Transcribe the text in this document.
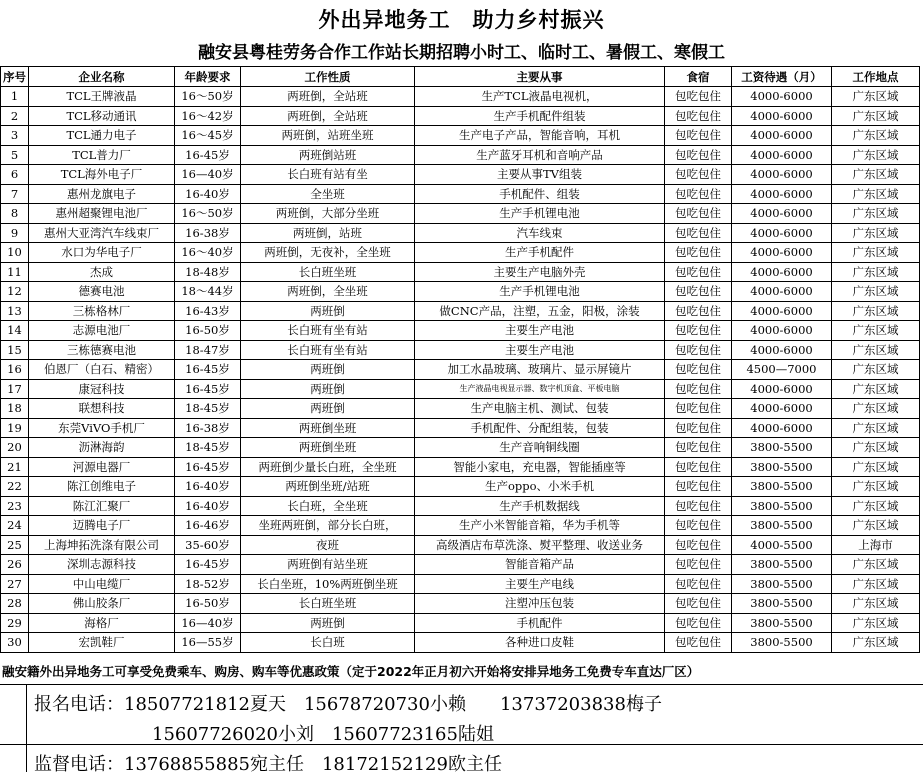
外出异地务工　助力乡村振兴
融安县粤桂劳务合作工作站长期招聘小时工、临时工、暑假工、寒假工
序号	企业名称	年龄要求	工作性质	主要从事	食宿	工资待遇（月）	工作地点
1	TCL王牌液晶	16～50岁	两班倒，全站班	生产TCL液晶电视机，	包吃包住	4000-6000	广东区域
2	TCL移动通讯	16～42岁	两班倒，全站班	生产手机配件组装	包吃包住	4000-6000	广东区域
3	TCL通力电子	16～45岁	两班倒，站班坐班	生产电子产品，智能音响，耳机	包吃包住	4000-6000	广东区域
5	TCL普力厂	16-45岁	两班倒站班	生产蓝牙耳机和音响产品	包吃包住	4000-6000	广东区域
6	TCL海外电子厂	16—40岁	长白班有站有坐	主要从事TV组装	包吃包住	4000-6000	广东区域
7	惠州龙旗电子	16-40岁	全坐班	手机配件、组装	包吃包住	4000-6000	广东区域
8	惠州超聚锂电池厂	16～50岁	两班倒，大部分坐班	生产手机锂电池	包吃包住	4000-6000	广东区域
9	惠州大亚湾汽车线束厂	16-38岁	两班倒，站班	汽车线束	包吃包住	4000-6000	广东区域
10	水口为华电子厂	16～40岁	两班倒，无夜补，全坐班	生产手机配件	包吃包住	4000-6000	广东区域
11	杰成	18-48岁	长白班坐班	主要生产电脑外壳	包吃包住	4000-6000	广东区域
12	德赛电池	18～44岁	两班倒，全坐班	生产手机锂电池	包吃包住	4000-6000	广东区域
13	三栋格林厂	16-43岁	两班倒	做CNC产品，注塑，五金，阳极，涂装	包吃包住	4000-6000	广东区域
14	志源电池厂	16-50岁	长白班有坐有站	主要生产电池	包吃包住	4000-6000	广东区域
15	三栋德赛电池	18-47岁	长白班有坐有站	主要生产电池	包吃包住	4000-6000	广东区域
16	伯恩厂（白石、精密）	16-45岁	两班倒	加工水晶玻璃、玻璃片、显示屏镜片	包吃包住	4500—7000	广东区域
17	康冠科技	16-45岁	两班倒	生产液晶电视显示器、数字机顶盒、平板电脑	包吃包住	4000-6000	广东区域
18	联想科技	18-45岁	两班倒	生产电脑主机、测试、包装	包吃包住	4000-6000	广东区域
19	东莞ViVO手机厂	16-38岁	两班倒坐班	手机配件、分配组装，包装	包吃包住	4000-6000	广东区域
20	沥淋海韵	18-45岁	两班倒坐班	生产音响铜线圈	包吃包住	3800-5500	广东区域
21	河源电器厂	16-45岁	两班倒少量长白班，全坐班	智能小家电，充电器，智能插座等	包吃包住	3800-5500	广东区域
22	陈江创维电子	16-40岁	两班倒坐班/站班	生产oppo、小米手机	包吃包住	3800-5500	广东区域
23	陈江汇聚厂	16-40岁	长白班，全坐班	生产手机数据线	包吃包住	3800-5500	广东区域
24	迈腾电子厂	16-46岁	坐班两班倒，部分长白班，	生产小米智能音箱，华为手机等	包吃包住	3800-5500	广东区域
25	上海坤拓洗涤有限公司	35-60岁	夜班	高级酒店布草洗涤、熨平整理、收送业务	包吃包住	4000-5500	上海市
26	深圳志源科技	16-45岁	两班倒有站坐班	智能音箱产品	包吃包住	3800-5500	广东区域
27	中山电缆厂	18-52岁	长白坐班，10%两班倒坐班	主要生产电线	包吃包住	3800-5500	广东区域
28	佛山胶条厂	16-50岁	长白班坐班	注塑冲压包装	包吃包住	3800-5500	广东区域
29	海格厂	16—40岁	两班倒	手机配件	包吃包住	3800-5500	广东区域
30	宏凯鞋厂	16—55岁	长白班	各种进口皮鞋	包吃包住	3800-5500	广东区域
融安籍外出异地务工可享受免费乘车、购房、购车等优惠政策（定于2022年正月初六开始将安排异地务工免费专车直达厂区）
报名电话：18507721812夏天 15678720730小赖 13737203838梅子
15607726020小刘 15607723165陆姐
监督电话：13768855885宛主任 18172152129欧主任
